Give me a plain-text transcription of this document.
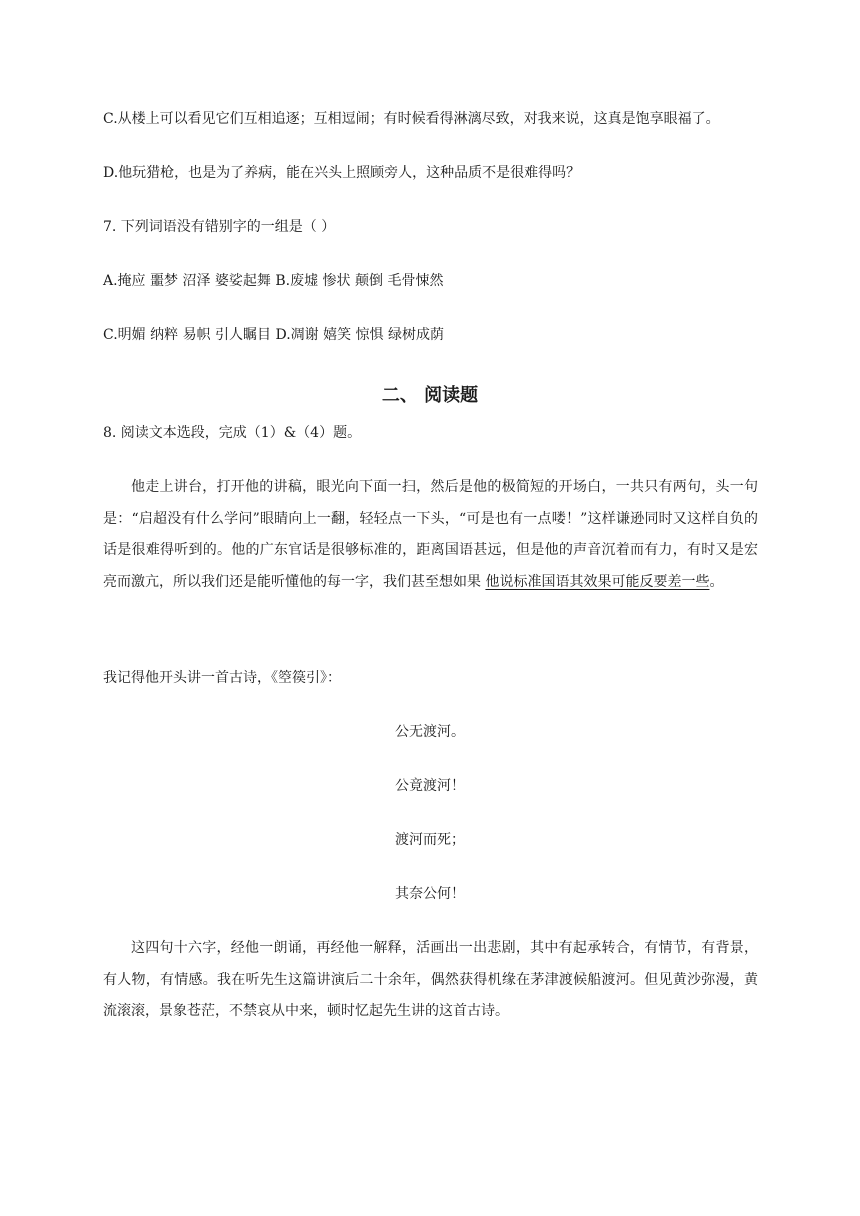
C.从楼上可以看见它们互相追逐；互相逗闹；有时候看得淋漓尽致，对我来说，这真是饱享眼福了。
D.他玩猎枪，也是为了养病，能在兴头上照顾旁人，这种品质不是很难得吗？
7. 下列词语没有错别字的一组是（ ）
A.掩应 噩梦 沼泽 婆娑起舞 B.废墟 惨状 颠倒 毛骨悚然
C.明媚 纳粹 易帜 引人瞩目 D.凋谢 嬉笑 惊惧 绿树成荫
二、 阅读题
8. 阅读文本选段，完成（1）&（4）题。
他走上讲台，打开他的讲稿，眼光向下面一扫，然后是他的极简短的开场白，一共只有两句，头一句是：“启超没有什么学问”眼睛向上一翻，轻轻点一下头，“可是也有一点喽！”这样谦逊同时又这样自负的话是很难得听到的。他的广东官话是很够标准的，距离国语甚远，但是他的声音沉着而有力，有时又是宏亮而激亢，所以我们还是能听懂他的每一字，我们甚至想如果 他说标准国语其效果可能反要差一些。
我记得他开头讲一首古诗，《箜篌引》：
公无渡河。
公竟渡河！
渡河而死；
其奈公何！
这四句十六字，经他一朗诵，再经他一解释，活画出一出悲剧，其中有起承转合，有情节，有背景，有人物，有情感。我在听先生这篇讲演后二十余年，偶然获得机缘在茅津渡候船渡河。但见黄沙弥漫，黄流滚滚，景象苍茫，不禁哀从中来，顿时忆起先生讲的这首古诗。
